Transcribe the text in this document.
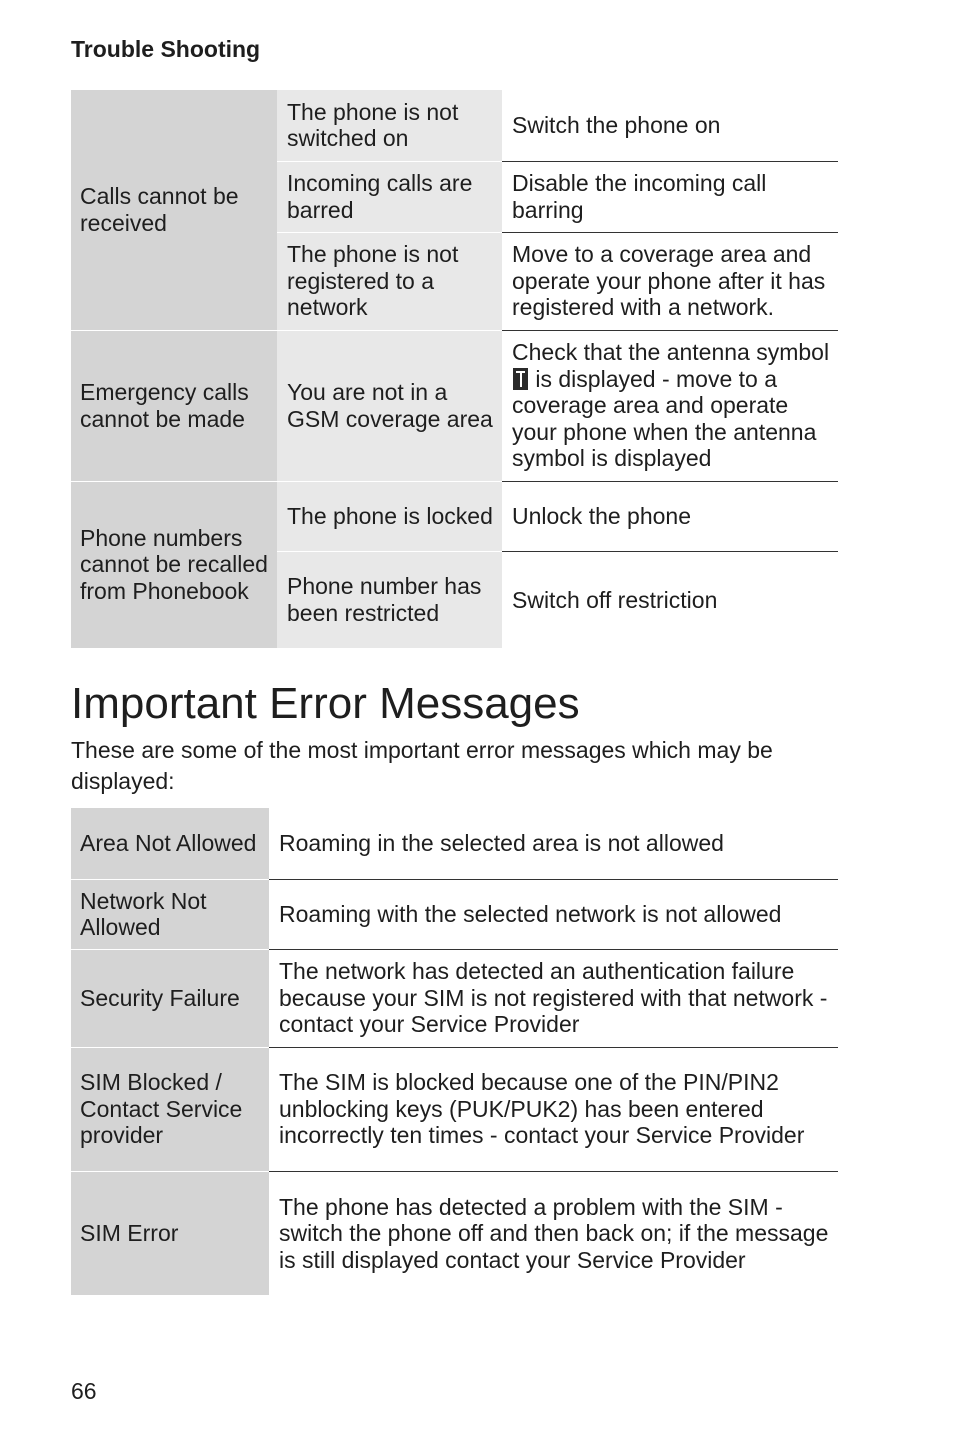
Trouble Shooting
Calls cannot be received	The phone is not switched on	Switch the phone on
	Incoming calls are barred	Disable the incoming call barring
	The phone is not registered to a network	Move to a coverage area and operate your phone after it has registered with a network.
Emergency calls cannot be made	You are not in a GSM coverage area	Check that the antenna symbol  is displayed - move to a coverage area and operate your phone when the antenna symbol is displayed
Phone numbers cannot be recalled from Phonebook	The phone is locked	Unlock the phone
	Phone number has been restricted	Switch off restriction
Important Error Messages

These are some of the most important error messages which may be displayed:

Area Not Allowed	Roaming in the selected area is not allowed
Network Not Allowed	Roaming with the selected network is not allowed
Security Failure	The network has detected an authentication failure because your SIM is not registered with that network - contact your Service Provider
SIM Blocked / Contact Service provider	The SIM is blocked because one of the PIN/PIN2 unblocking keys (PUK/PUK2) has been entered incorrectly ten times - contact your Service Provider
SIM Error	The phone has detected a problem with the SIM - switch the phone off and then back on; if the message is still displayed contact your Service Provider
66
